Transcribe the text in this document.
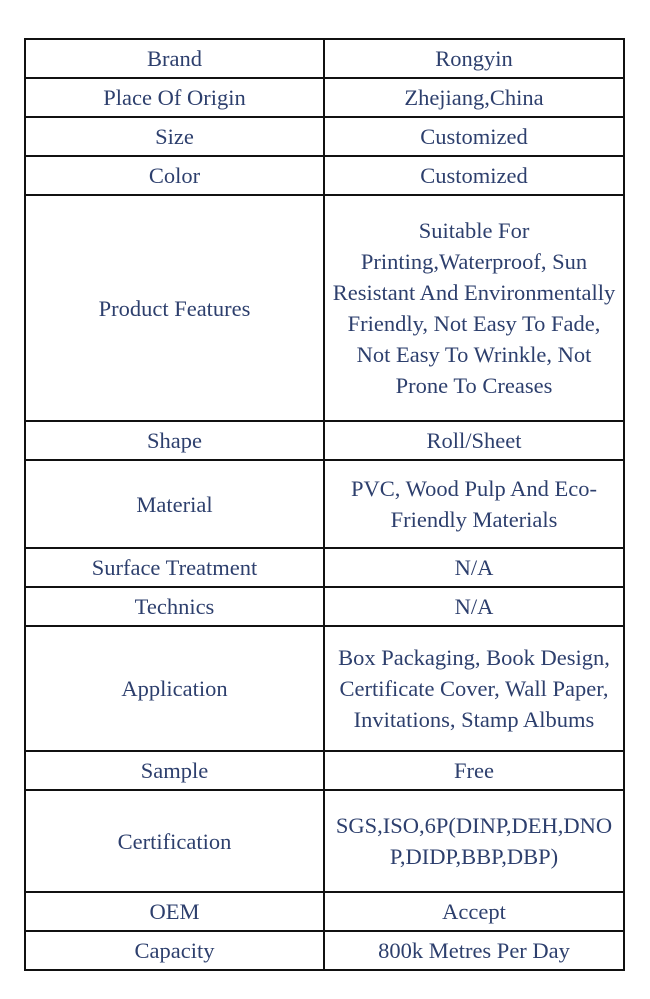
Brand	Rongyin
Place Of Origin	Zhejiang,China
Size	Customized
Color	Customized
Product Features	Suitable For Printing,Waterproof, Sun Resistant And Environmentally Friendly, Not Easy To Fade, Not Easy To Wrinkle, Not Prone To Creases
Shape	Roll/Sheet
Material	PVC, Wood Pulp And Eco-Friendly Materials
Surface Treatment	N/A
Technics	N/A
Application	Box Packaging, Book Design, Certificate Cover, Wall Paper, Invitations, Stamp Albums
Sample	Free
Certification	SGS,ISO,6P(DINP,DEH,DNOP,DIDP,BBP,DBP)
OEM	Accept
Capacity	800k Metres Per Day
